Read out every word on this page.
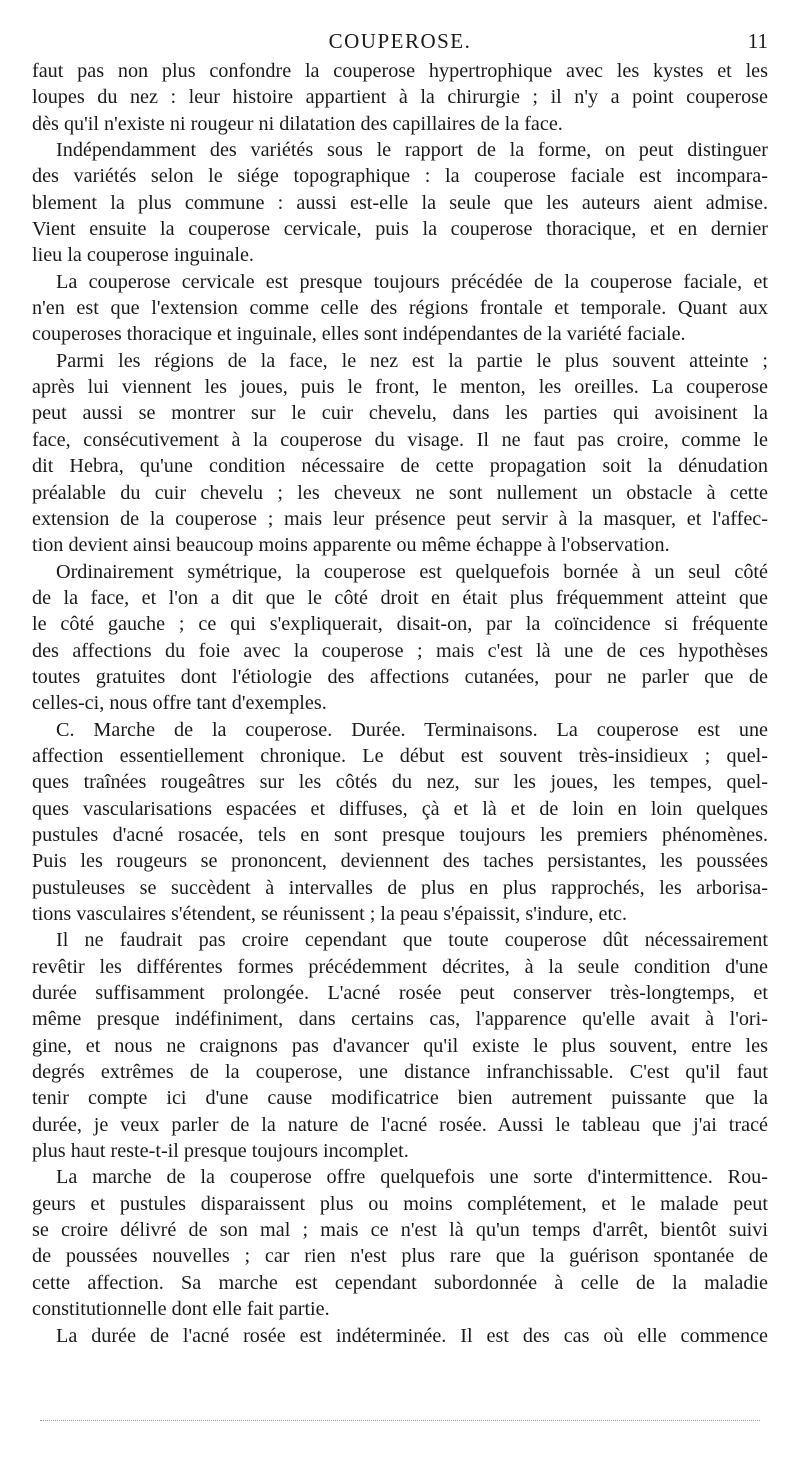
COUPEROSE.	11
faut pas non plus confondre la couperose hypertrophique avec les kystes et les
loupes du nez : leur histoire appartient à la chirurgie ; il n'y a point couperose
dès qu'il n'existe ni rougeur ni dilatation des capillaires de la face.
Indépendamment des variétés sous le rapport de la forme, on peut distinguer
des variétés selon le siége topographique : la couperose faciale est incompara-
blement la plus commune : aussi est-elle la seule que les auteurs aient admise.
Vient ensuite la couperose cervicale, puis la couperose thoracique, et en dernier
lieu la couperose inguinale.
La couperose cervicale est presque toujours précédée de la couperose faciale, et
n'en est que l'extension comme celle des régions frontale et temporale. Quant aux
couperoses thoracique et inguinale, elles sont indépendantes de la variété faciale.
Parmi les régions de la face, le nez est la partie le plus souvent atteinte ;
après lui viennent les joues, puis le front, le menton, les oreilles. La couperose
peut aussi se montrer sur le cuir chevelu, dans les parties qui avoisinent la
face, consécutivement à la couperose du visage. Il ne faut pas croire, comme le
dit Hebra, qu'une condition nécessaire de cette propagation soit la dénudation
préalable du cuir chevelu ; les cheveux ne sont nullement un obstacle à cette
extension de la couperose ; mais leur présence peut servir à la masquer, et l'affec-
tion devient ainsi beaucoup moins apparente ou même échappe à l'observation.
Ordinairement symétrique, la couperose est quelquefois bornée à un seul côté
de la face, et l'on a dit que le côté droit en était plus fréquemment atteint que
le côté gauche ; ce qui s'expliquerait, disait-on, par la coïncidence si fréquente
des affections du foie avec la couperose ; mais c'est là une de ces hypothèses
toutes gratuites dont l'étiologie des affections cutanées, pour ne parler que de
celles-ci, nous offre tant d'exemples.
C. Marche de la couperose. Durée. Terminaisons. La couperose est une
affection essentiellement chronique. Le début est souvent très-insidieux ; quel-
ques traînées rougeâtres sur les côtés du nez, sur les joues, les tempes, quel-
ques vascularisations espacées et diffuses, çà et là et de loin en loin quelques
pustules d'acné rosacée, tels en sont presque toujours les premiers phénomènes.
Puis les rougeurs se prononcent, deviennent des taches persistantes, les poussées
pustuleuses se succèdent à intervalles de plus en plus rapprochés, les arborisa-
tions vasculaires s'étendent, se réunissent ; la peau s'épaissit, s'indure, etc.
Il ne faudrait pas croire cependant que toute couperose dût nécessairement
revêtir les différentes formes précédemment décrites, à la seule condition d'une
durée suffisamment prolongée. L'acné rosée peut conserver très-longtemps, et
même presque indéfiniment, dans certains cas, l'apparence qu'elle avait à l'ori-
gine, et nous ne craignons pas d'avancer qu'il existe le plus souvent, entre les
degrés extrêmes de la couperose, une distance infranchissable. C'est qu'il faut
tenir compte ici d'une cause modificatrice bien autrement puissante que la
durée, je veux parler de la nature de l'acné rosée. Aussi le tableau que j'ai tracé
plus haut reste-t-il presque toujours incomplet.
La marche de la couperose offre quelquefois une sorte d'intermittence. Rou-
geurs et pustules disparaissent plus ou moins complétement, et le malade peut
se croire délivré de son mal ; mais ce n'est là qu'un temps d'arrêt, bientôt suivi
de poussées nouvelles ; car rien n'est plus rare que la guérison spontanée de
cette affection. Sa marche est cependant subordonnée à celle de la maladie
constitutionnelle dont elle fait partie.
La durée de l'acné rosée est indéterminée. Il est des cas où elle commence
